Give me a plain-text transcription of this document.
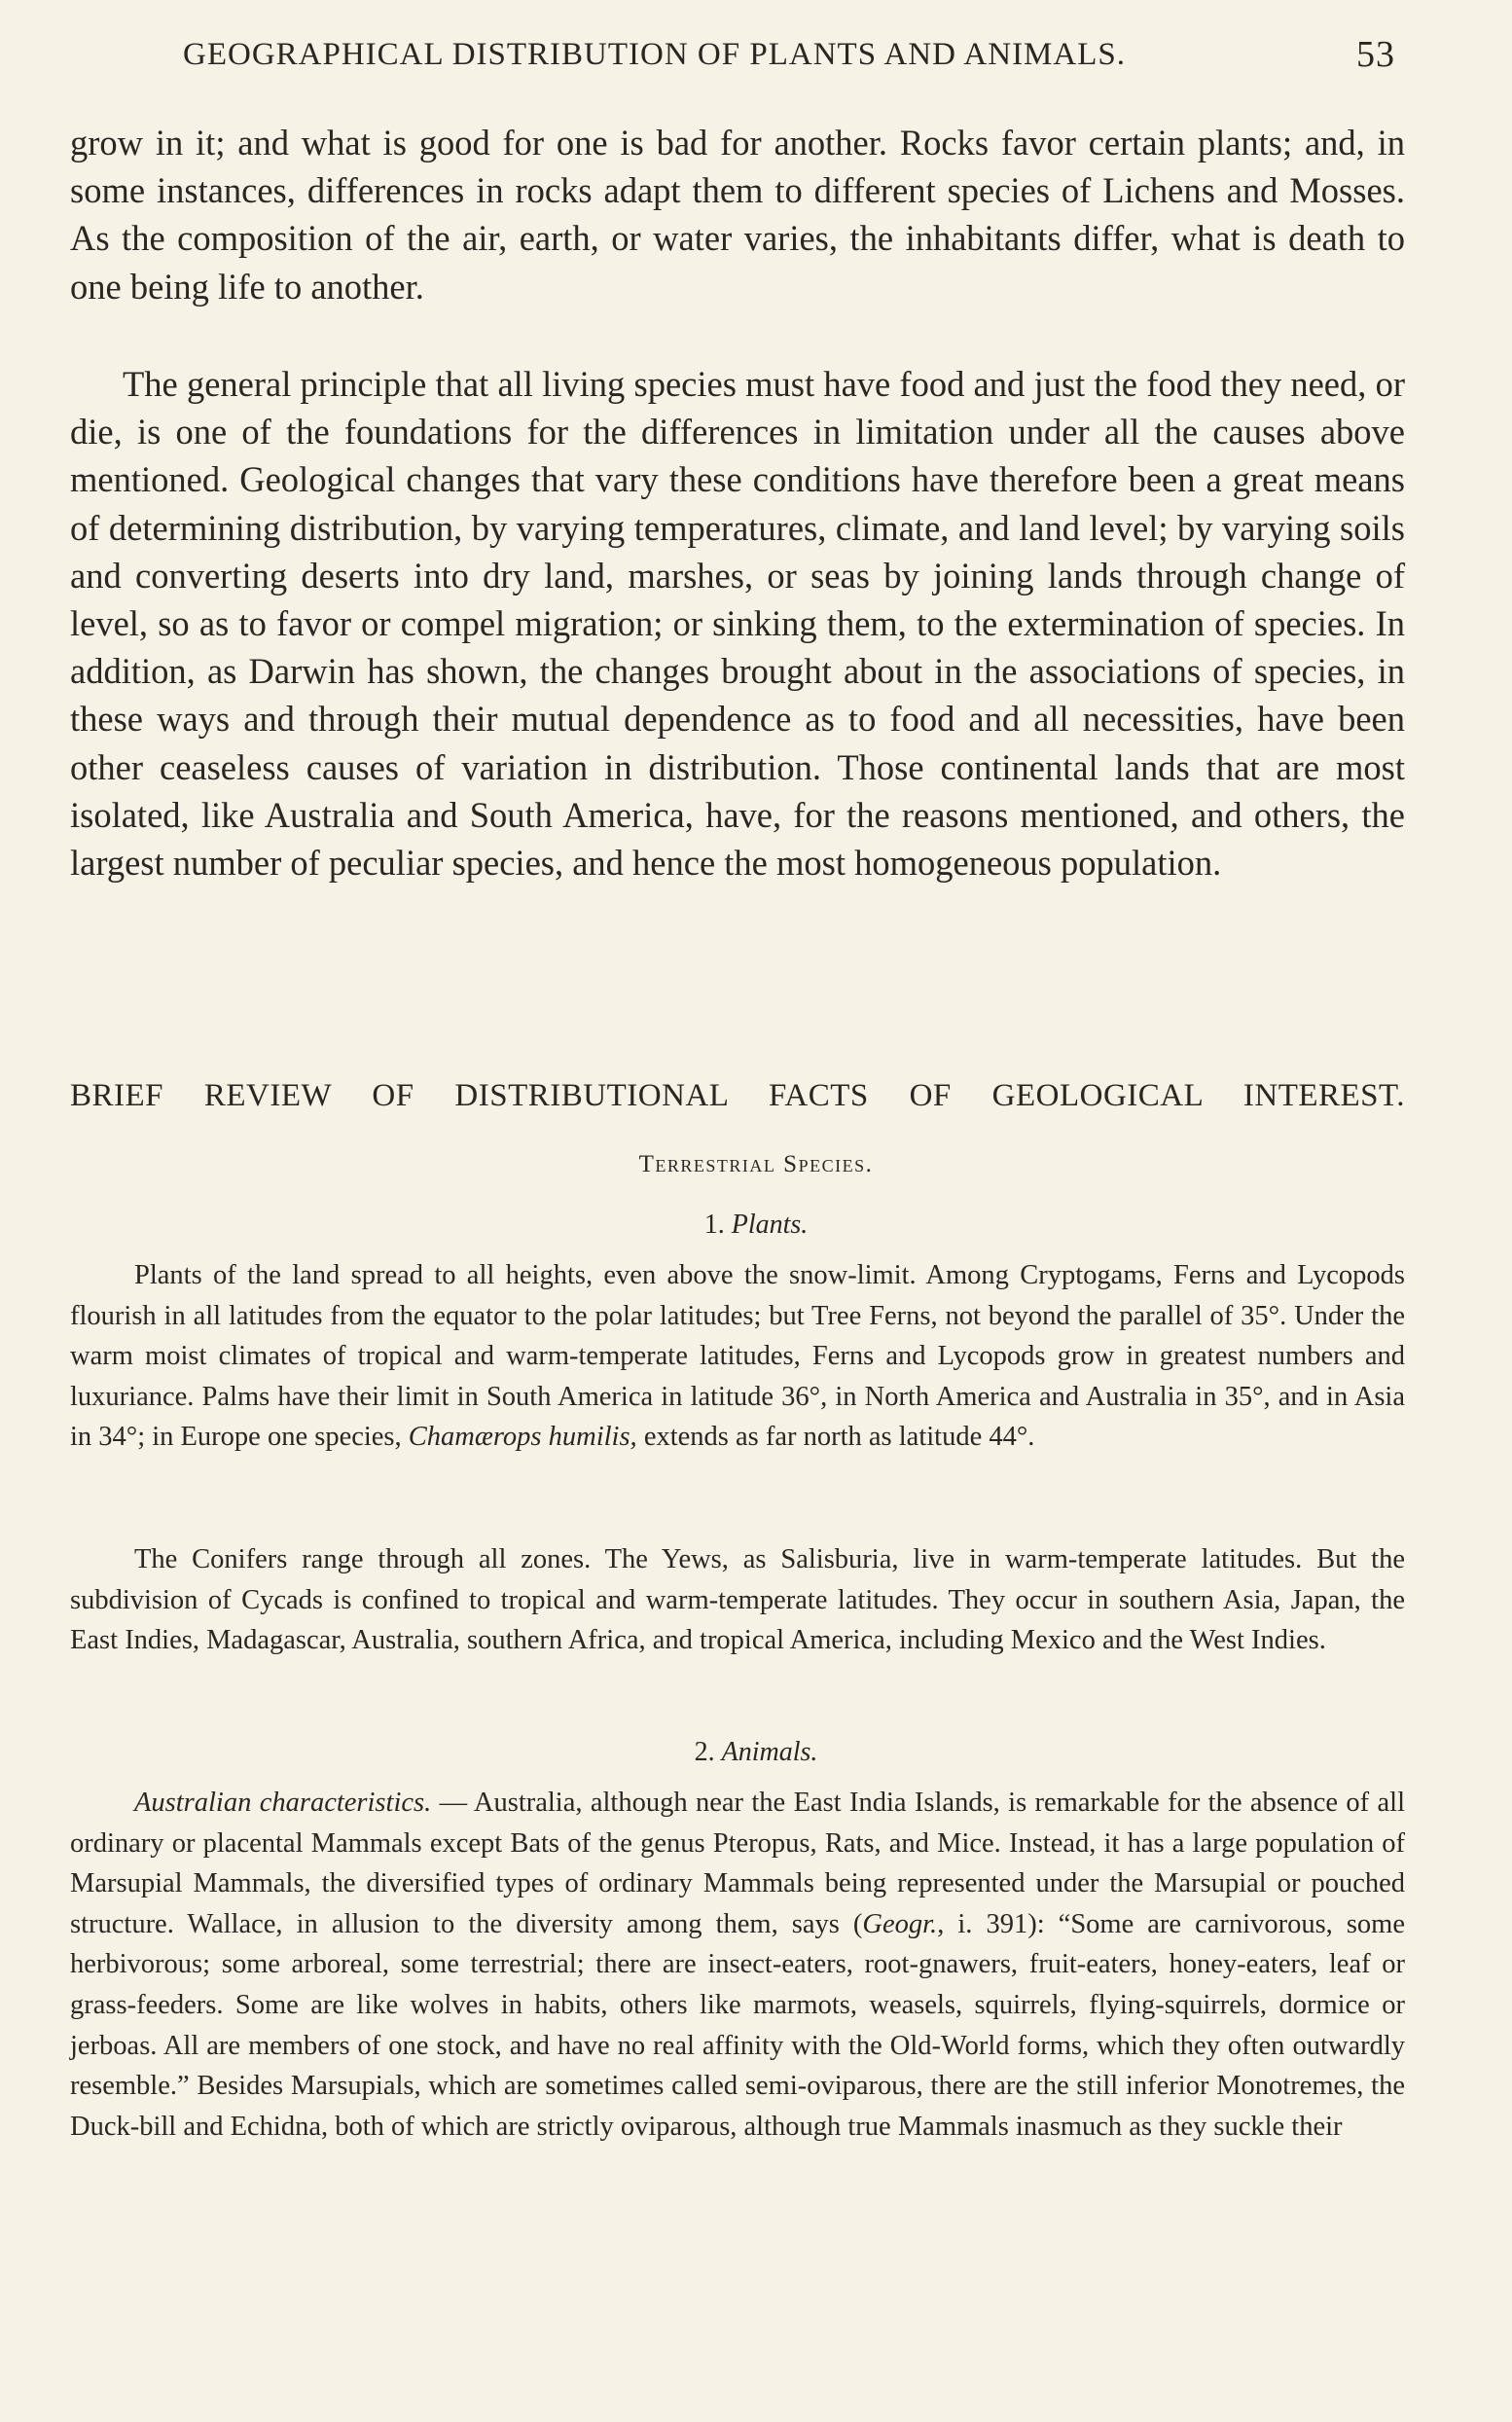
GEOGRAPHICAL DISTRIBUTION OF PLANTS AND ANIMALS.	53

grow in it; and what is good for one is bad for another. Rocks favor certain plants; and, in some instances, differences in rocks adapt them to different species of Lichens and Mosses. As the composition of the air, earth, or water varies, the inhabitants differ, what is death to one being life to another.

The general principle that all living species must have food and just the food they need, or die, is one of the foundations for the differences in limitation under all the causes above mentioned. Geological changes that vary these conditions have therefore been a great means of determining distribution, by varying temperatures, climate, and land level; by varying soils and converting deserts into dry land, marshes, or seas by joining lands through change of level, so as to favor or compel migration; or sinking them, to the extermination of species. In addition, as Darwin has shown, the changes brought about in the associations of species, in these ways and through their mutual dependence as to food and all necessities, have been other ceaseless causes of variation in distribution. Those continental lands that are most isolated, like Australia and South America, have, for the reasons mentioned, and others, the largest number of peculiar species, and hence the most homogeneous population.

BRIEF REVIEW OF DISTRIBUTIONAL FACTS OF GEOLOGICAL INTEREST.
Terrestrial Species.
1. Plants.

Plants of the land spread to all heights, even above the snow-limit. Among Cryptogams, Ferns and Lycopods flourish in all latitudes from the equator to the polar latitudes; but Tree Ferns, not beyond the parallel of 35°. Under the warm moist climates of tropical and warm-temperate latitudes, Ferns and Lycopods grow in greatest numbers and luxuriance. Palms have their limit in South America in latitude 36°, in North America and Australia in 35°, and in Asia in 34°; in Europe one species, Chamærops humilis, extends as far north as latitude 44°.

The Conifers range through all zones. The Yews, as Salisburia, live in warm-temperate latitudes. But the subdivision of Cycads is confined to tropical and warm-temperate latitudes. They occur in southern Asia, Japan, the East Indies, Madagascar, Australia, southern Africa, and tropical America, including Mexico and the West Indies.

2. Animals.

Australian characteristics. — Australia, although near the East India Islands, is remarkable for the absence of all ordinary or placental Mammals except Bats of the genus Pteropus, Rats, and Mice. Instead, it has a large population of Marsupial Mammals, the diversified types of ordinary Mammals being represented under the Marsupial or pouched structure. Wallace, in allusion to the diversity among them, says (Geogr., i. 391): “Some are carnivorous, some herbivorous; some arboreal, some terrestrial; there are insect-eaters, root-gnawers, fruit-eaters, honey-eaters, leaf or grass-feeders. Some are like wolves in habits, others like marmots, weasels, squirrels, flying-squirrels, dormice or jerboas. All are members of one stock, and have no real affinity with the Old-World forms, which they often outwardly resemble.” Besides Marsupials, which are sometimes called semi-oviparous, there are the still inferior Monotremes, the Duck-bill and Echidna, both of which are strictly oviparous, although true Mammals inasmuch as they suckle their
